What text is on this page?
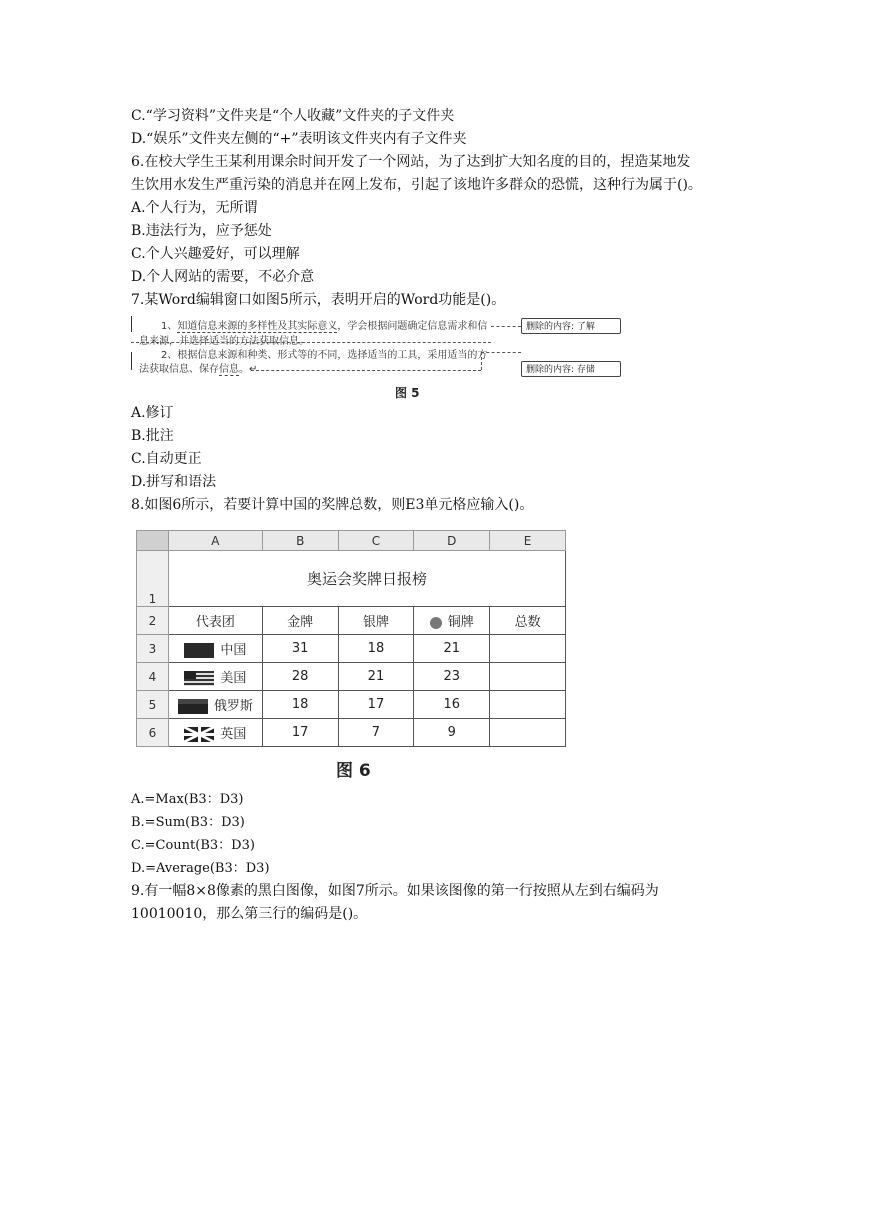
C.“学习资料”文件夹是“个人收藏”文件夹的子文件夹
D.“娱乐”文件夹左侧的“+”表明该文件夹内有子文件夹
6.在校大学生王某利用课余时间开发了一个网站，为了达到扩大知名度的目的，捏造某地发
生饮用水发生严重污染的消息并在网上发布，引起了该地许多群众的恐慌，这种行为属于()。
A.个人行为，无所谓
B.违法行为，应予惩处
C.个人兴趣爱好，可以理解
D.个人网站的需要，不必介意
7.某Word编辑窗口如图5所示，表明开启的Word功能是()。
1、知道信息来源的多样性及其实际意义，学会根据问题确定信息需求和信
息来源，并选择适当的方法获取信息。
2、根据信息来源和种类、形式等的不同，选择适当的工具，采用适当的方
法获取信息、保存信息。↵
删除的内容: 了解
删除的内容: 存储
图 5
A.修订
B.批注
C.自动更正
D.拼写和语法
8.如图6所示，若要计算中国的奖牌总数，则E3单元格应输入()。
	A	B	C	D	E
1	奥运会奖牌日报榜				
2	代表团	金牌	银牌	铜牌	总数
3	中国	31	18	21	
4	美国	28	21	23	
5	俄罗斯	18	17	16	
6	英国	17	7	9	
图 6
A.=Max(B3：D3)
B.=Sum(B3：D3)
C.=Count(B3：D3)
D.=Average(B3：D3)
9.有一幅8×8像素的黑白图像，如图7所示。如果该图像的第一行按照从左到右编码为
10010010，那么第三行的编码是()。
